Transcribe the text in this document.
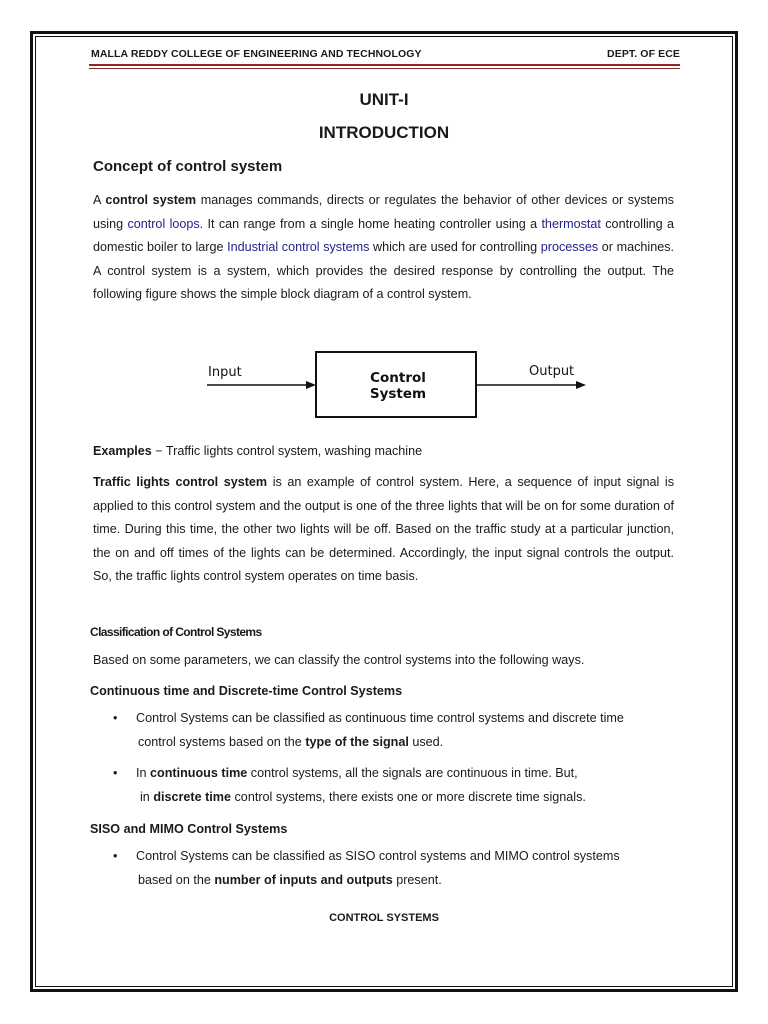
MALLA REDDY COLLEGE OF ENGINEERING AND TECHNOLOGY	DEPT. OF ECE
UNIT-I
INTRODUCTION
Concept of control system
A control system manages commands, directs or regulates the behavior of other devices or systems using control loops. It can range from a single home heating controller using a thermostat controlling a domestic boiler to large Industrial control systems which are used for controlling processes or machines. A control system is a system, which provides the desired response by controlling the output. The following figure shows the simple block diagram of a control system.
Input	Control
System
Output
Examples − Traffic lights control system, washing machine
Traffic lights control system is an example of control system. Here, a sequence of input signal is applied to this control system and the output is one of the three lights that will be on for some duration of time. During this time, the other two lights will be off. Based on the traffic study at a particular junction, the on and off times of the lights can be determined. Accordingly, the input signal controls the output. So, the traffic lights control system operates on time basis.
Classification of Control Systems
Based on some parameters, we can classify the control systems into the following ways.
Continuous time and Discrete-time Control Systems
• Control Systems can be classified as continuous time control systems and discrete time
control systems based on the type of the signal used.
• In continuous time control systems, all the signals are continuous in time. But,
in discrete time control systems, there exists one or more discrete time signals.
SISO and MIMO Control Systems
• Control Systems can be classified as SISO control systems and MIMO control systems
based on the number of inputs and outputs present.
CONTROL SYSTEMS
